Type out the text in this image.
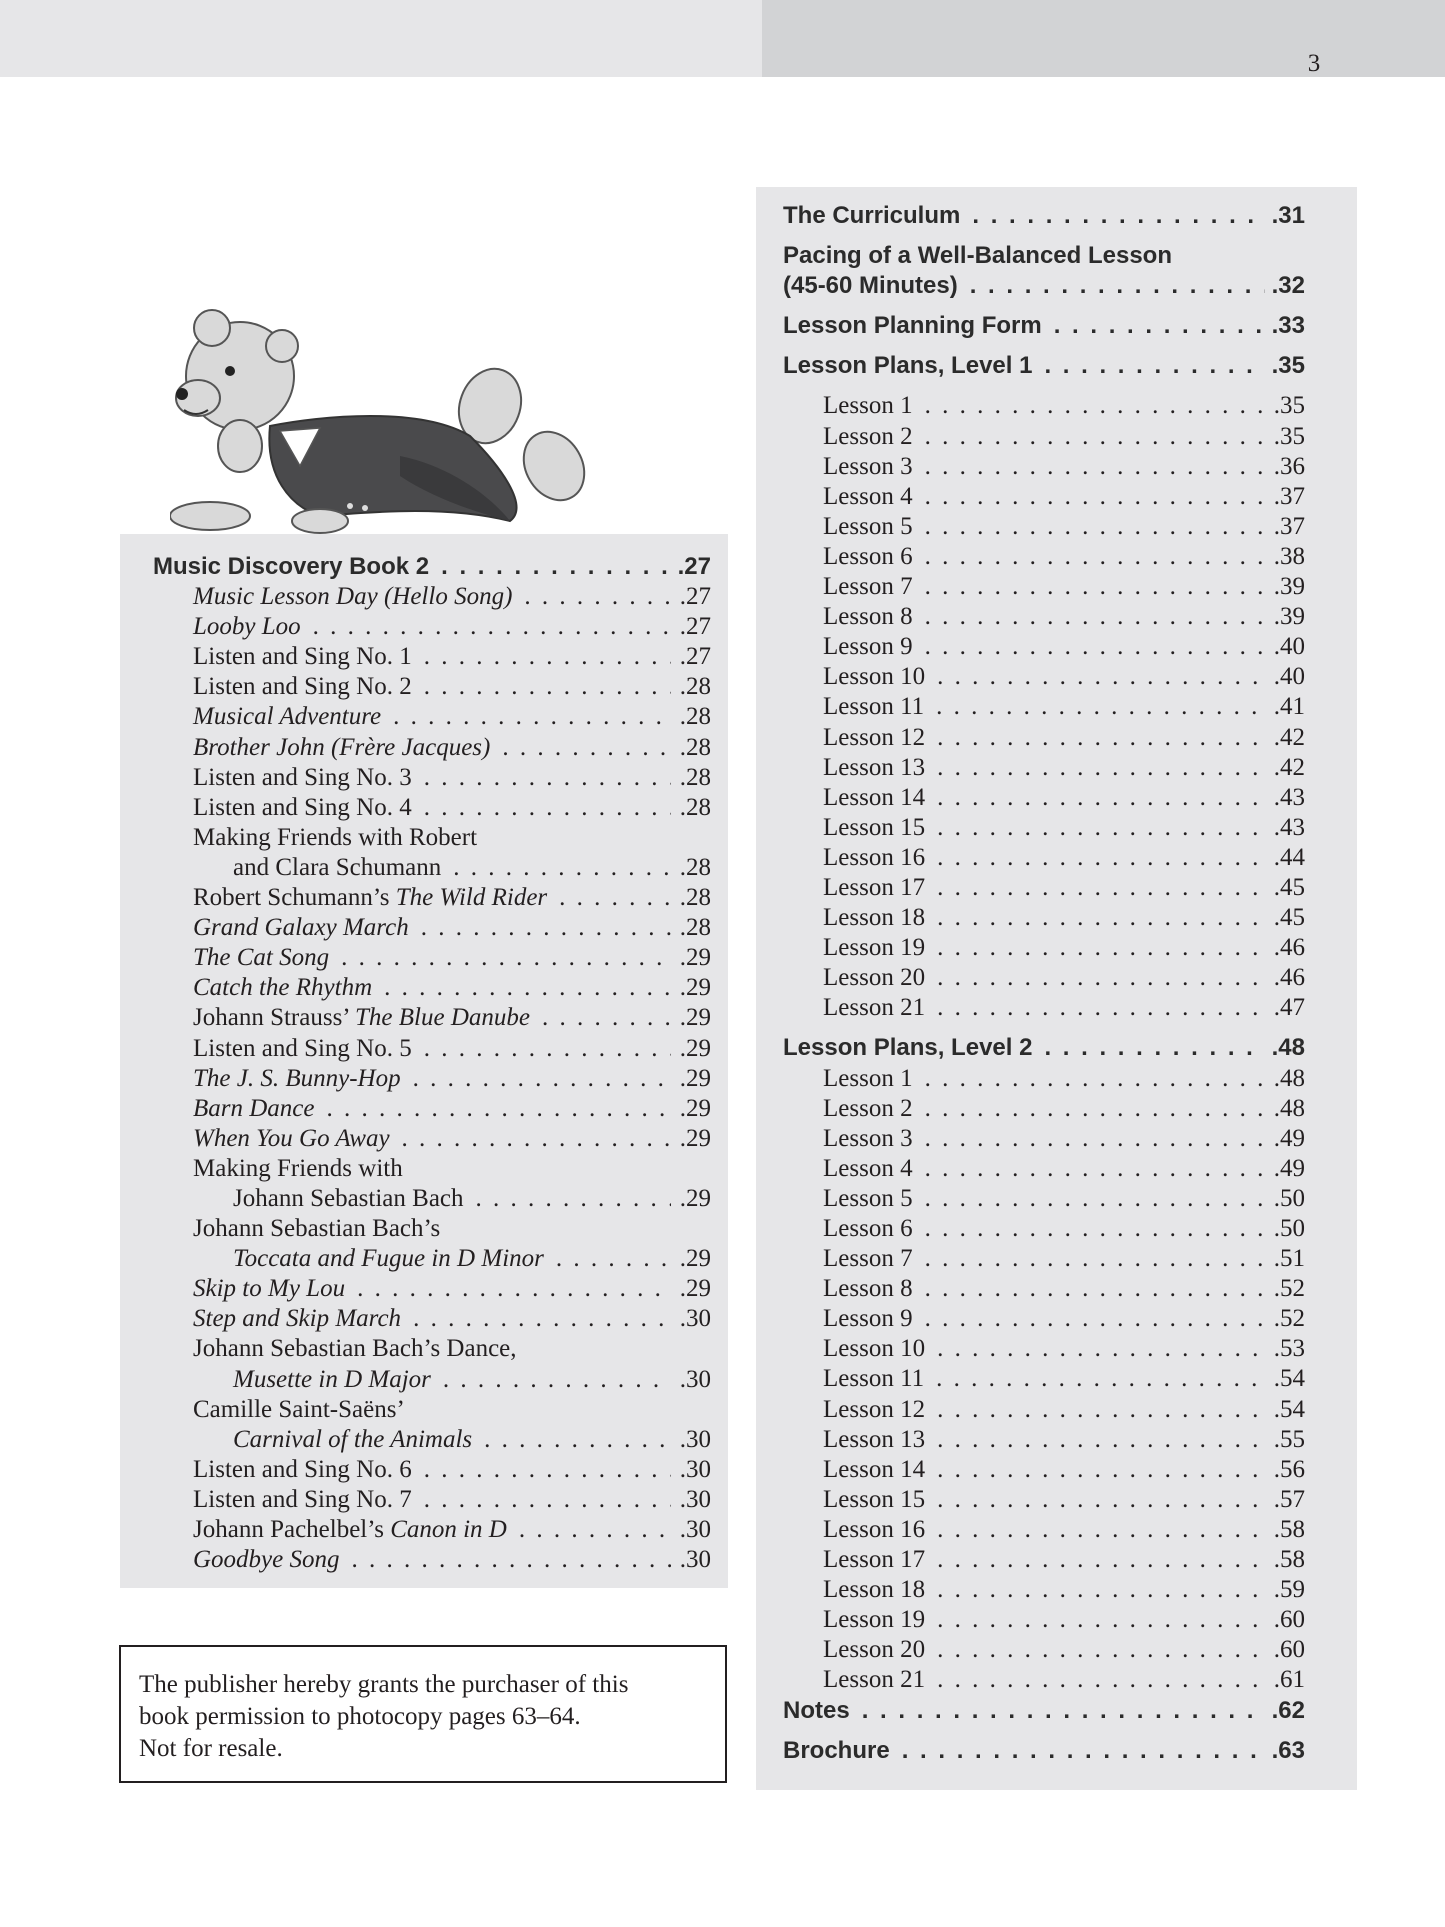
3
Music Discovery Book 2 . . .	.27
Music Lesson Day (Hello Song) . . .	.27
Looby Loo . . .	.27
Listen and Sing No. 1 . . .	.27
Listen and Sing No. 2 . . .	.28
Musical Adventure . . .	.28
Brother John (Frère Jacques) . . .	.28
Listen and Sing No. 3 . . .	.28
Listen and Sing No. 4 . . .	.28
Making Friends with Robert
and Clara Schumann . . .	.28
Robert Schumann’s The Wild Rider . . .	.28
Grand Galaxy March . . .	.28
The Cat Song . . .	.29
Catch the Rhythm . . .	.29
Johann Strauss’ The Blue Danube . . .	.29
Listen and Sing No. 5 . . .	.29
The J. S. Bunny-Hop . . .	.29
Barn Dance . . .	.29
When You Go Away . . .	.29
Making Friends with
Johann Sebastian Bach . . .	.29
Johann Sebastian Bach’s
Toccata and Fugue in D Minor . . .	.29
Skip to My Lou . . .	.29
Step and Skip March . . .	.30
Johann Sebastian Bach’s Dance,
Musette in D Major . . .	.30
Camille Saint-Saëns’
Carnival of the Animals . . .	.30
Listen and Sing No. 6 . . .	.30
Listen and Sing No. 7 . . .	.30
Johann Pachelbel’s Canon in D . . .	.30
Goodbye Song . . .	.30
The Curriculum . . .	.31
Pacing of a Well-Balanced Lesson
(45-60 Minutes) . . .	.32
Lesson Planning Form . . .	.33
Lesson Plans, Level 1 . . .	.35
Lesson 1 . . .	.35
Lesson 2 . . .	.35
Lesson 3 . . .	.36
Lesson 4 . . .	.37
Lesson 5 . . .	.37
Lesson 6 . . .	.38
Lesson 7 . . .	.39
Lesson 8 . . .	.39
Lesson 9 . . .	.40
Lesson 10 . . .	.40
Lesson 11 . . .	.41
Lesson 12 . . .	.42
Lesson 13 . . .	.42
Lesson 14 . . .	.43
Lesson 15 . . .	.43
Lesson 16 . . .	.44
Lesson 17 . . .	.45
Lesson 18 . . .	.45
Lesson 19 . . .	.46
Lesson 20 . . .	.46
Lesson 21 . . .	.47
Lesson Plans, Level 2 . . .	.48
Lesson 1 . . .	.48
Lesson 2 . . .	.48
Lesson 3 . . .	.49
Lesson 4 . . .	.49
Lesson 5 . . .	.50
Lesson 6 . . .	.50
Lesson 7 . . .	.51
Lesson 8 . . .	.52
Lesson 9 . . .	.52
Lesson 10 . . .	.53
Lesson 11 . . .	.54
Lesson 12 . . .	.54
Lesson 13 . . .	.55
Lesson 14 . . .	.56
Lesson 15 . . .	.57
Lesson 16 . . .	.58
Lesson 17 . . .	.58
Lesson 18 . . .	.59
Lesson 19 . . .	.60
Lesson 20 . . .	.60
Lesson 21 . . .	.61
Notes . . .	.62
Brochure . . .	.63
The publisher hereby grants the purchaser of this
book permission to photocopy pages 63–64.
Not for resale.
